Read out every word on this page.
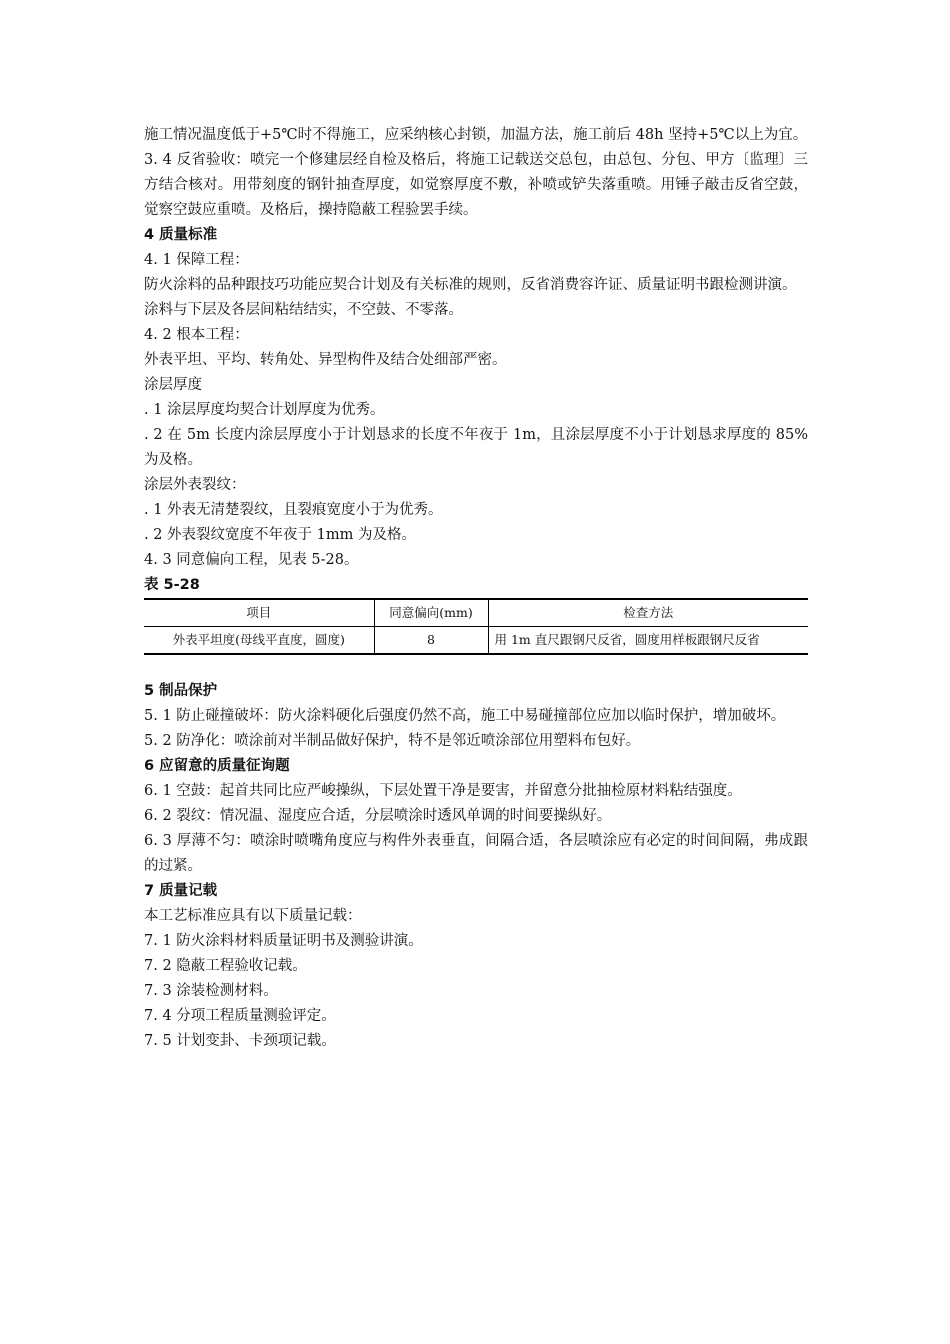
施工情况温度低于+5℃时不得施工，应采纳核心封锁，加温方法，施工前后 48h 坚持+5℃以上为宜。

3. 4 反省验收：喷完一个修建层经自检及格后，将施工记载送交总包，由总包、分包、甲方〔监理〕三方结合核对。用带刻度的钢针抽查厚度，如觉察厚度不敷，补喷或铲失落重喷。用锤子敲击反省空鼓，觉察空鼓应重喷。及格后，操持隐蔽工程验罢手续。

4 质量标准

4. 1 保障工程：

防火涂料的品种跟技巧功能应契合计划及有关标准的规则，反省消费容许证、质量证明书跟检测讲演。

涂料与下层及各层间粘结结实，不空鼓、不零落。

4. 2 根本工程：

外表平坦、平均、转角处、异型构件及结合处细部严密。

涂层厚度

. 1 涂层厚度均契合计划厚度为优秀。

. 2 在 5m 长度内涂层厚度小于计划恳求的长度不年夜于 1m，且涂层厚度不小于计划恳求厚度的 85%为及格。

涂层外表裂纹：

. 1 外表无清楚裂纹，且裂痕宽度小于为优秀。

. 2 外表裂纹宽度不年夜于 1mm 为及格。

4. 3 同意偏向工程，见表 5-28。

表 5-28

项目	同意偏向(mm)	检查方法
外表平坦度(母线平直度，圆度)	8	用 1m 直尺跟钢尺反省，圆度用样板跟钢尺反省

5 制品保护

5. 1 防止碰撞破坏：防火涂料硬化后强度仍然不高，施工中易碰撞部位应加以临时保护，增加破坏。

5. 2 防净化：喷涂前对半制品做好保护，特不是邻近喷涂部位用塑料布包好。

6 应留意的质量征询题

6. 1 空鼓：起首共同比应严峻操纵，下层处置干净是要害，并留意分批抽检原材料粘结强度。

6. 2 裂纹：情况温、湿度应合适，分层喷涂时透风单调的时间要操纵好。

6. 3 厚薄不匀：喷涂时喷嘴角度应与构件外表垂直，间隔合适，各层喷涂应有必定的时间间隔，弗成跟的过紧。

7 质量记载

本工艺标准应具有以下质量记载：

7. 1 防火涂料材料质量证明书及测验讲演。

7. 2 隐蔽工程验收记载。

7. 3 涂装检测材料。

7. 4 分项工程质量测验评定。

7. 5 计划变卦、卡颈项记载。
